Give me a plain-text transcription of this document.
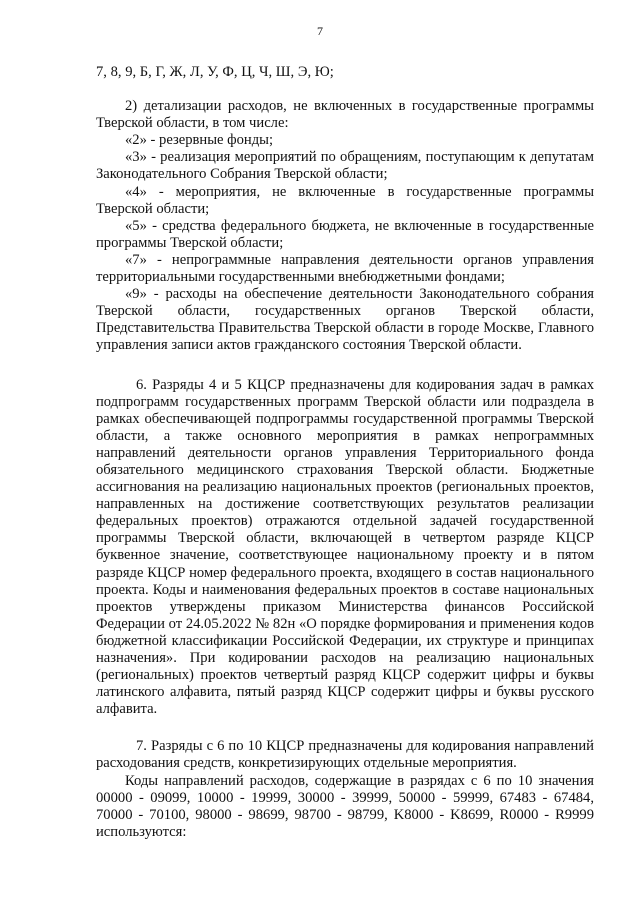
7

7, 8, 9, Б, Г, Ж, Л, У, Ф, Ц, Ч, Ш, Э, Ю;

2) детализации расходов, не включенных в государственные программы Тверской области, в том числе:

«2» - резервные фонды;

«3» - реализация мероприятий по обращениям, поступающим к депутатам Законодательного Собрания Тверской области;

«4» - мероприятия, не включенные в государственные программы Тверской области;

«5» - средства федерального бюджета, не включенные в государственные программы Тверской области;

«7» - непрограммные направления деятельности органов управления территориальными государственными внебюджетными фондами;

«9» - расходы на обеспечение деятельности Законодательного собрания Тверской области, государственных органов Тверской области, Представительства Правительства Тверской области в городе Москве, Главного управления записи актов гражданского состояния Тверской области.

6. Разряды 4 и 5 КЦСР предназначены для кодирования задач в рамках подпрограмм государственных программ Тверской области или подраздела в рамках обеспечивающей подпрограммы государственной программы Тверской области, а также основного мероприятия в рамках непрограммных направлений деятельности органов управления Территориального фонда обязательного медицинского страхования Тверской области. Бюджетные ассигнования на реализацию национальных проектов (региональных проектов, направленных на достижение соответствующих результатов реализации федеральных проектов) отражаются отдельной задачей государственной программы Тверской области, включающей в четвертом разряде КЦСР буквенное значение, соответствующее национальному проекту и в пятом разряде КЦСР номер федерального проекта, входящего в состав национального проекта. Коды и наименования федеральных проектов в составе национальных проектов утверждены приказом Министерства финансов Российской Федерации от 24.05.2022 № 82н «О порядке формирования и применения кодов бюджетной классификации Российской Федерации, их структуре и принципах назначения». При кодировании расходов на реализацию национальных (региональных) проектов четвертый разряд КЦСР содержит цифры и буквы латинского алфавита, пятый разряд КЦСР содержит цифры и буквы русского алфавита.

7. Разряды с 6 по 10 КЦСР предназначены для кодирования направлений расходования средств, конкретизирующих отдельные мероприятия.

Коды направлений расходов, содержащие в разрядах с 6 по 10 значения 00000 - 09099, 10000 - 19999, 30000 - 39999, 50000 - 59999, 67483 - 67484, 70000 - 70100, 98000 - 98699, 98700 - 98799, K8000 - K8699, R0000 - R9999 используются:
